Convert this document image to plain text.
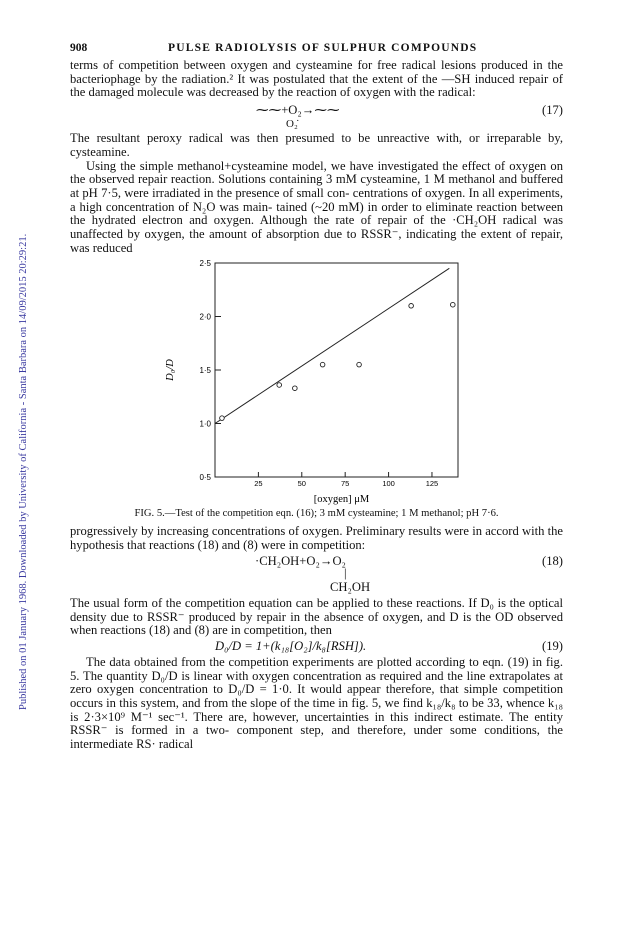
Published on 01 January 1968. Downloaded by University of California - Santa Barbara on 14/09/2015 20:29:21.
908	PULSE RADIOLYSIS OF SULPHUR COMPOUNDS

terms of competition between oxygen and cysteamine for free radical lesions produced in the bacteriophage by the radiation.² It was postulated that the extent of the —SH induced repair of the damaged molecule was decreased by the reaction of oxygen with the radical:

⁓⁓+O₂→⁓⁓
O₂̇
(17)

The resultant peroxy radical was then presumed to be unreactive with, or irreparable by, cysteamine.

Using the simple methanol+cysteamine model, we have investigated the effect of oxygen on the observed repair reaction. Solutions containing 3 mM cysteamine, 1 M methanol and buffered at pH 7·5, were irradiated in the presence of small con- centrations of oxygen. In all experiments, a high concentration of N₂O was main- tained (~20 mM) in order to eliminate reaction between the hydrated electron and oxygen. Although the rate of repair of the ·CH₂OH radical was unaffected by oxygen, the amount of absorption due to RSSR⁻, indicating the extent of repair, was reduced

0·5
1·0
1·5
2·0
2·5
25	50	75	100	125
[oxygen] μM
D₀/D
FIG. 5.—Test of the competition eqn. (16); 3 mM cysteamine; 1 M methanol; pH 7·6.

progressively by increasing concentrations of oxygen. Preliminary results were in accord with the hypothesis that reactions (18) and (8) were in competition:

·CH₂OH+O₂→O₂
|
CH₂OH
(18)

The usual form of the competition equation can be applied to these reactions. If D₀ is the optical density due to RSSR⁻ produced by repair in the absence of oxygen, and D is the OD observed when reactions (18) and (8) are in competition, then

D₀/D = 1+(k₁₈[O₂]/k₈[RSH]).	(19)

The data obtained from the competition experiments are plotted according to eqn. (19) in fig. 5. The quantity D₀/D is linear with oxygen concentration as required and the line extrapolates at zero oxygen concentration to D₀/D = 1·0. It would appear therefore, that simple competition occurs in this system, and from the slope of the time in fig. 5, we find k₁₈/k₈ to be 33, whence k₁₈ is 2·3×10⁹ M⁻¹ sec⁻¹. There are, however, uncertainties in this indirect estimate. The entity RSSR⁻ is formed in a two- component step, and therefore, under some conditions, the intermediate RS· radical
